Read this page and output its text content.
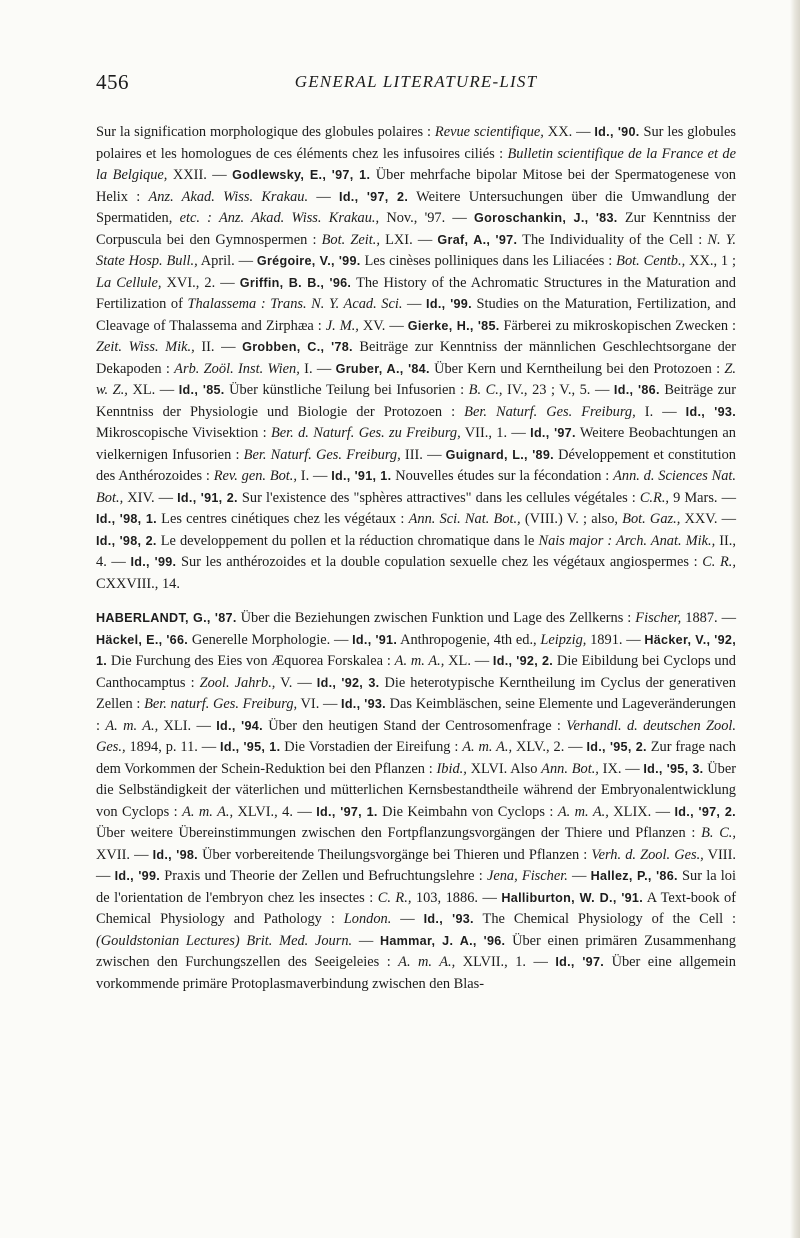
456	GENERAL LITERATURE-LIST

Sur la signification morphologique des globules polaires : Revue scientifique, XX. — Id., '90. Sur les globules polaires et les homologues de ces éléments chez les infusoires ciliés : Bulletin scientifique de la France et de la Belgique, XXII. — Godlewsky, E., '97, 1. Über mehrfache bipolar Mitose bei der Spermatogenese von Helix : Anz. Akad. Wiss. Krakau. — Id., '97, 2. Weitere Untersuchungen über die Umwandlung der Spermatiden, etc. : Anz. Akad. Wiss. Krakau., Nov., '97. — Goroschankin, J., '83. Zur Kenntniss der Corpuscula bei den Gymnospermen : Bot. Zeit., LXI. — Graf, A., '97. The Individuality of the Cell : N. Y. State Hosp. Bull., April. — Grégoire, V., '99. Les cinèses polliniques dans les Liliacées : Bot. Centb., XX., 1 ; La Cellule, XVI., 2. — Griffin, B. B., '96. The History of the Achromatic Structures in the Maturation and Fertilization of Thalassema : Trans. N. Y. Acad. Sci. — Id., '99. Studies on the Maturation, Fertilization, and Cleavage of Thalassema and Zirphæa : J. M., XV. — Gierke, H., '85. Färberei zu mikroskopischen Zwecken : Zeit. Wiss. Mik., II. — Grobben, C., '78. Beiträge zur Kenntniss der männlichen Geschlechtsorgane der Dekapoden : Arb. Zoöl. Inst. Wien, I. — Gruber, A., '84. Über Kern und Kerntheilung bei den Protozoen : Z. w. Z., XL. — Id., '85. Über künstliche Teilung bei Infusorien : B. C., IV., 23 ; V., 5. — Id., '86. Beiträge zur Kenntniss der Physiologie und Biologie der Protozoen : Ber. Naturf. Ges. Freiburg, I. — Id., '93. Mikroscopische Vivisektion : Ber. d. Naturf. Ges. zu Freiburg, VII., 1. — Id., '97. Weitere Beobachtungen an vielkernigen Infusorien : Ber. Naturf. Ges. Freiburg, III. — Guignard, L., '89. Développement et constitution des Anthérozoides : Rev. gen. Bot., I. — Id., '91, 1. Nouvelles études sur la fécondation : Ann. d. Sciences Nat. Bot., XIV. — Id., '91, 2. Sur l'existence des "sphères attractives" dans les cellules végétales : C.R., 9 Mars. — Id., '98, 1. Les centres cinétiques chez les végétaux : Ann. Sci. Nat. Bot., (VIII.) V. ; also, Bot. Gaz., XXV. — Id., '98, 2. Le developpement du pollen et la réduction chromatique dans le Nais major : Arch. Anat. Mik., II., 4. — Id., '99. Sur les anthérozoides et la double copulation sexuelle chez les végétaux angiospermes : C. R., CXXVIII., 14.

HABERLANDT, G., '87. Über die Beziehungen zwischen Funktion und Lage des Zellkerns : Fischer, 1887. — Häckel, E., '66. Generelle Morphologie. — Id., '91. Anthropogenie, 4th ed., Leipzig, 1891. — Häcker, V., '92, 1. Die Furchung des Eies von Æquorea Forskalea : A. m. A., XL. — Id., '92, 2. Die Eibildung bei Cyclops und Canthocamptus : Zool. Jahrb., V. — Id., '92, 3. Die heterotypische Kerntheilung im Cyclus der generativen Zellen : Ber. naturf. Ges. Freiburg, VI. — Id., '93. Das Keimbläschen, seine Elemente und Lageveränderungen : A. m. A., XLI. — Id., '94. Über den heutigen Stand der Centrosomenfrage : Verhandl. d. deutschen Zool. Ges., 1894, p. 11. — Id., '95, 1. Die Vorstadien der Eireifung : A. m. A., XLV., 2. — Id., '95, 2. Zur frage nach dem Vorkommen der Schein-Reduktion bei den Pflanzen : Ibid., XLVI. Also Ann. Bot., IX. — Id., '95, 3. Über die Selbständigkeit der väterlichen und mütterlichen Kernsbestandtheile während der Embryonalentwicklung von Cyclops : A. m. A., XLVI., 4. — Id., '97, 1. Die Keimbahn von Cyclops : A. m. A., XLIX. — Id., '97, 2. Über weitere Übereinstimmungen zwischen den Fortpflanzungsvorgängen der Thiere und Pflanzen : B. C., XVII. — Id., '98. Über vorbereitende Theilungsvorgänge bei Thieren und Pflanzen : Verh. d. Zool. Ges., VIII. — Id., '99. Praxis und Theorie der Zellen und Befruchtungslehre : Jena, Fischer. — Hallez, P., '86. Sur la loi de l'orientation de l'embryon chez les insectes : C. R., 103, 1886. — Halliburton, W. D., '91. A Text-book of Chemical Physiology and Pathology : London. — Id., '93. The Chemical Physiology of the Cell : (Gouldstonian Lectures) Brit. Med. Journ. — Hammar, J. A., '96. Über einen primären Zusammenhang zwischen den Furchungszellen des Seeigeleies : A. m. A., XLVII., 1. — Id., '97. Über eine allgemein vorkommende primäre Protoplasmaverbindung zwischen den Blas-
